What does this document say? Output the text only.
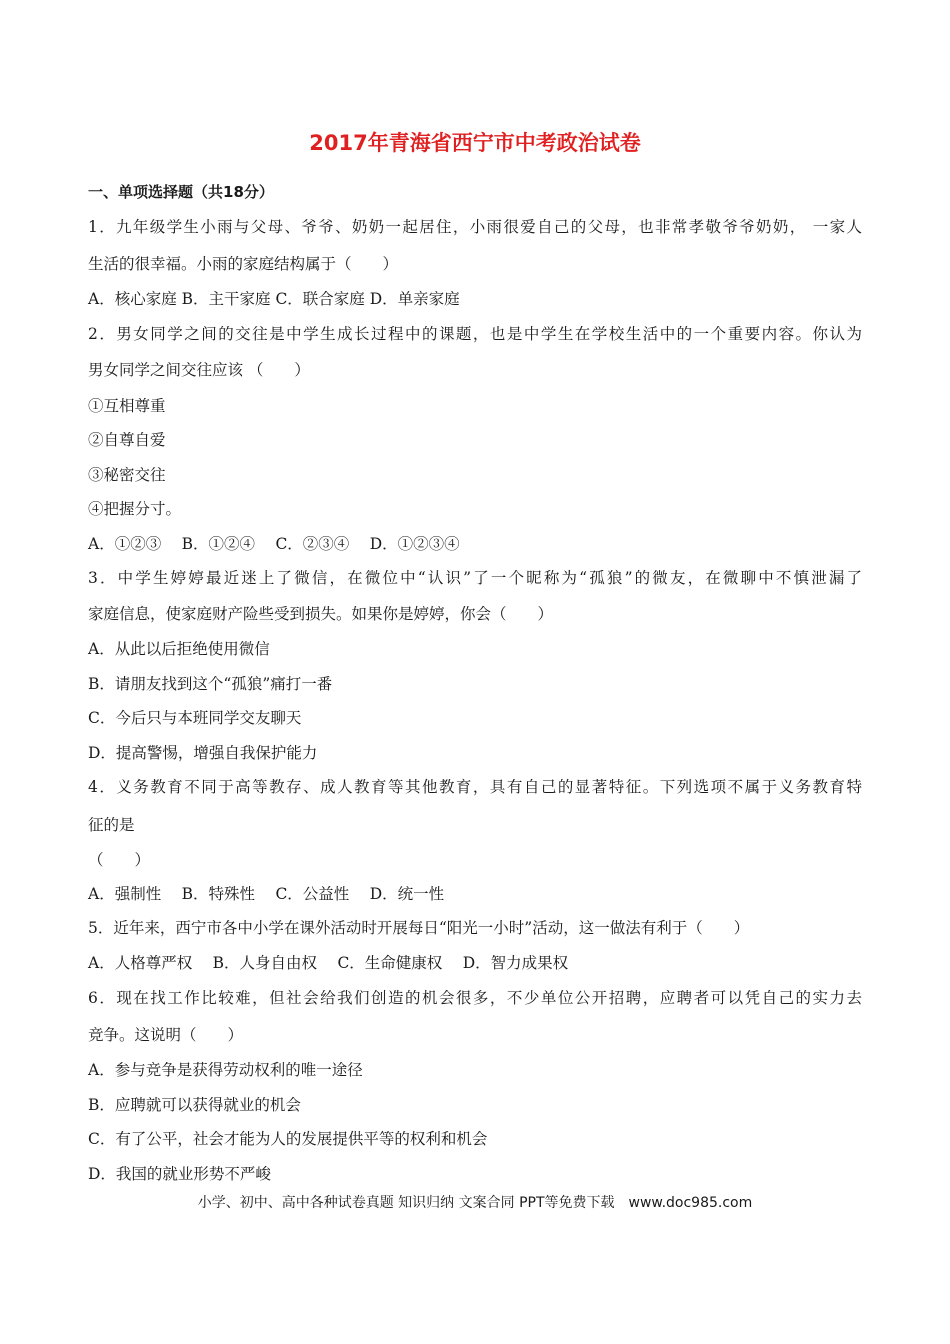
2017年青海省西宁市中考政治试卷
一、单项选择题（共18分）
1．九年级学生小雨与父母、爷爷、奶奶一起居住，小雨很爱自己的父母，也非常孝敬爷爷奶奶， 一家人
生活的很幸福。小雨的家庭结构属于（　　）
A．核心家庭 B．主干家庭 C．联合家庭 D．单亲家庭
2．男女同学之间的交往是中学生成长过程中的课题，也是中学生在学校生活中的一个重要内容。你认为
男女同学之间交往应该 （　　）
①互相尊重
②自尊自爱
③秘密交往
④把握分寸。
A．①②③　 B．①②④　 C．②③④　 D．①②③④
3．中学生婷婷最近迷上了微信，在微位中“认识”了一个昵称为“孤狼”的微友，在微聊中不慎泄漏了
家庭信息，使家庭财产险些受到损失。如果你是婷婷，你会（　　）
A．从此以后拒绝使用微信
B．请朋友找到这个“孤狼”痛打一番
C．今后只与本班同学交友聊天
D．提高警惕，增强自我保护能力
4．义务教育不同于高等教存、成人教育等其他教育，具有自己的显著特征。下列选项不属于义务教育特
征的是
（　　）
A．强制性　 B．特殊性　 C．公益性　 D．统一性
5．近年来，西宁市各中小学在课外活动时开展每日“阳光一小时”活动，这一做法有利于（　　）
A．人格尊严权　 B．人身自由权　 C．生命健康权　 D．智力成果权
6．现在找工作比较难，但社会给我们创造的机会很多，不少单位公开招聘，应聘者可以凭自己的实力去
竞争。这说明（　　）
A．参与竞争是获得劳动权利的唯一途径
B．应聘就可以获得就业的机会
C．有了公平，社会才能为人的发展提供平等的权利和机会
D．我国的就业形势不严峻
小学、初中、高中各种试卷真题 知识归纳 文案合同 PPT等免费下载　www.doc985.com
